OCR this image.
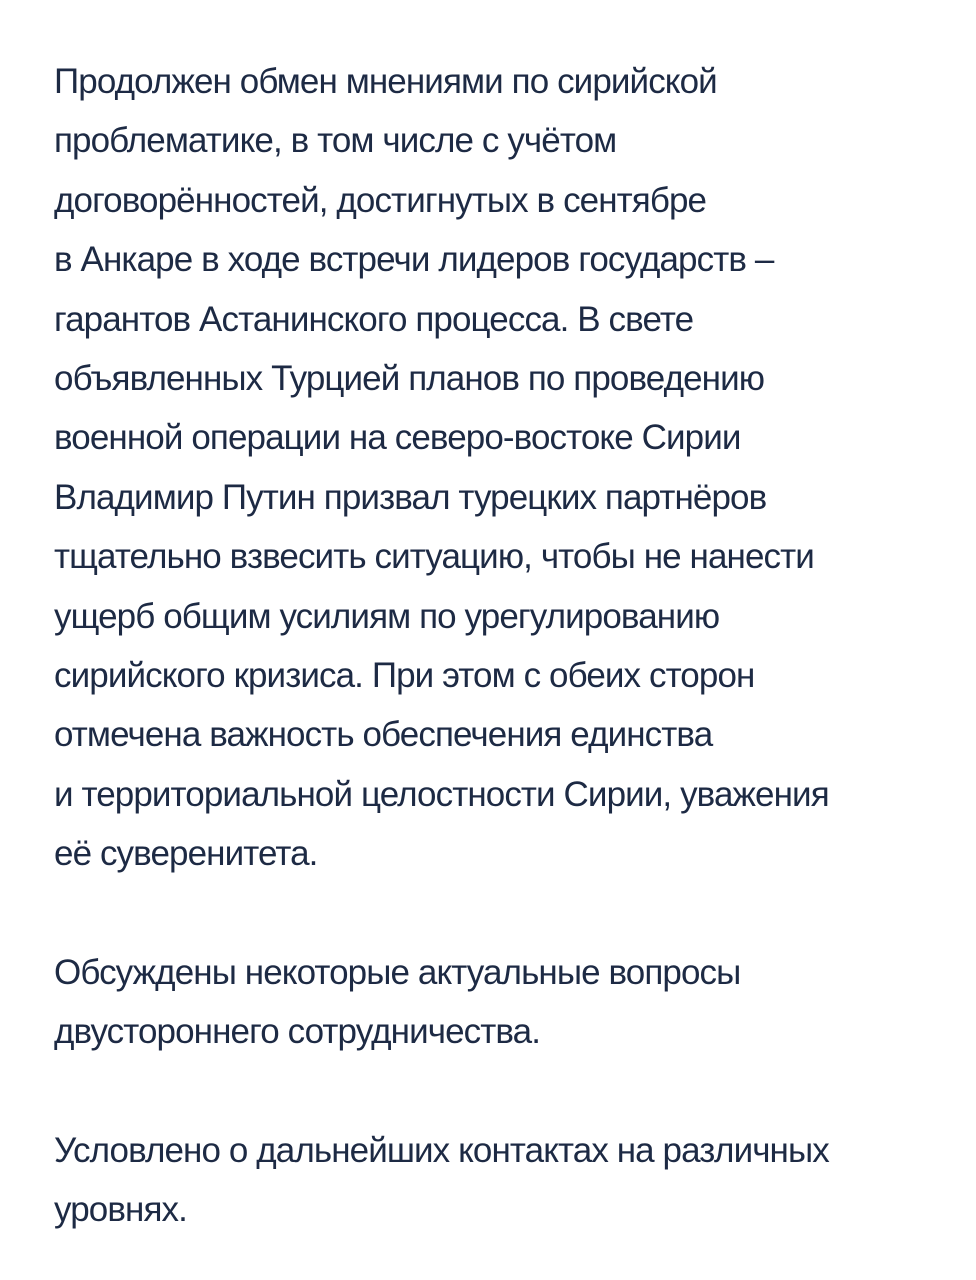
Продолжен обмен мнениями по сирийской
проблематике, в том числе с учётом
договорённостей, достигнутых в сентябре
в Анкаре в ходе встречи лидеров государств –
гарантов Астанинского процесса. В свете
объявленных Турцией планов по проведению
военной операции на северо-востоке Сирии
Владимир Путин призвал турецких партнёров
тщательно взвесить ситуацию, чтобы не нанести
ущерб общим усилиям по урегулированию
сирийского кризиса. При этом с обеих сторон
отмечена важность обеспечения единства
и территориальной целостности Сирии, уважения
её суверенитета.

Обсуждены некоторые актуальные вопросы
двустороннего сотрудничества.

Условлено о дальнейших контактах на различных
уровнях.
